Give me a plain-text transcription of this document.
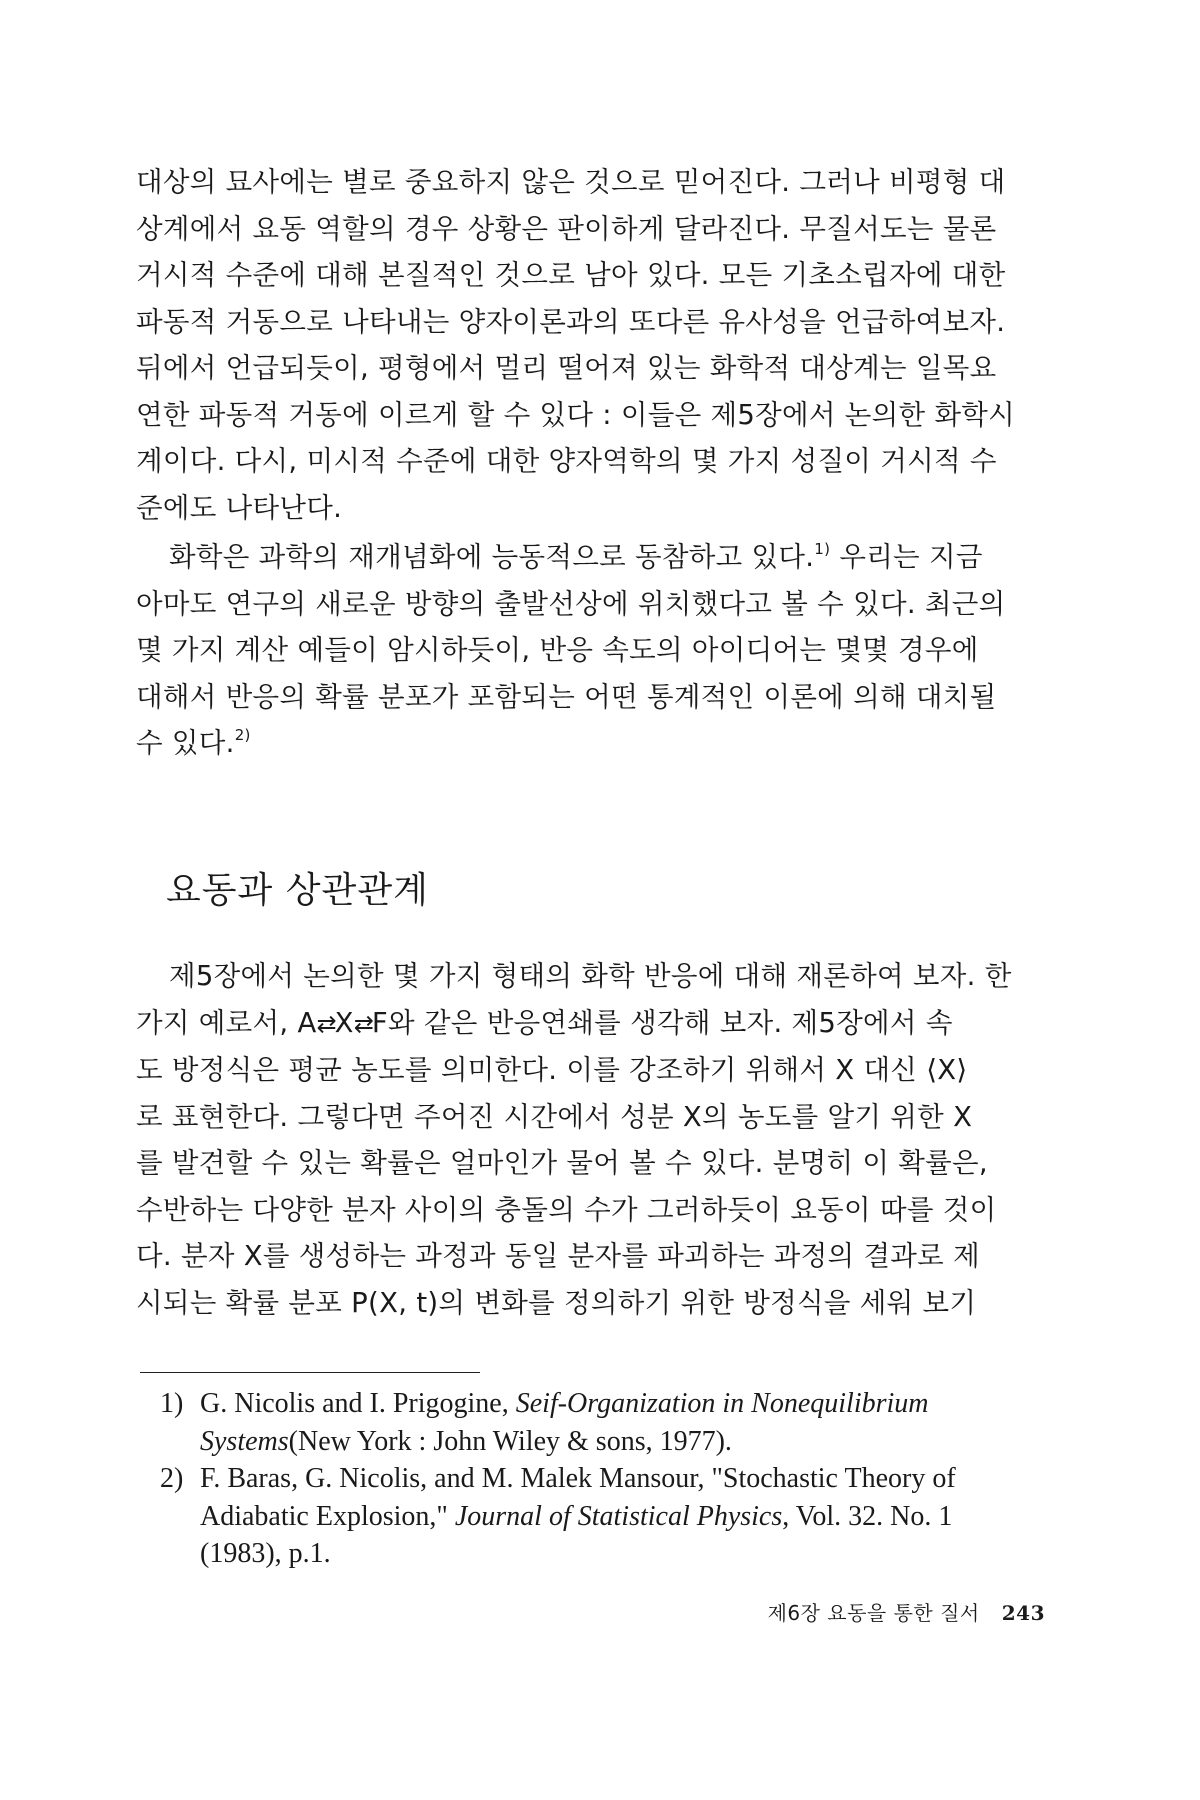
대상의 묘사에는 별로 중요하지 않은 것으로 믿어진다. 그러나 비평형 대
상계에서 요동 역할의 경우 상황은 판이하게 달라진다. 무질서도는 물론
거시적 수준에 대해 본질적인 것으로 남아 있다. 모든 기초소립자에 대한
파동적 거동으로 나타내는 양자이론과의 또다른 유사성을 언급하여보자.
뒤에서 언급되듯이, 평형에서 멀리 떨어져 있는 화학적 대상계는 일목요
연한 파동적 거동에 이르게 할 수 있다 : 이들은 제5장에서 논의한 화학시
계이다. 다시, 미시적 수준에 대한 양자역학의 몇 가지 성질이 거시적 수
준에도 나타난다.
화학은 과학의 재개념화에 능동적으로 동참하고 있다.$^{1)}$ 우리는 지금
아마도 연구의 새로운 방향의 출발선상에 위치했다고 볼 수 있다. 최근의
몇 가지 계산 예들이 암시하듯이, 반응 속도의 아이디어는 몇몇 경우에
대해서 반응의 확률 분포가 포함되는 어떤 통계적인 이론에 의해 대치될
수 있다.$^{2)}$
요동과 상관관계
제5장에서 논의한 몇 가지 형태의 화학 반응에 대해 재론하여 보자. 한
가지 예로서, A⇄X⇄F와 같은 반응연쇄를 생각해 보자. 제5장에서 속
도 방정식은 평균 농도를 의미한다. 이를 강조하기 위해서 X 대신 ⟨X⟩
로 표현한다. 그렇다면 주어진 시간에서 성분 X의 농도를 알기 위한 X
를 발견할 수 있는 확률은 얼마인가 물어 볼 수 있다. 분명히 이 확률은,
수반하는 다양한 분자 사이의 충돌의 수가 그러하듯이 요동이 따를 것이
다. 분자 X를 생성하는 과정과 동일 분자를 파괴하는 과정의 결과로 제
시되는 확률 분포 P(X, t)의 변화를 정의하기 위한 방정식을 세워 보기
1) G. Nicolis and I. Prigogine, Seif-Organization in Nonequilibrium
Systems(New York : John Wiley & sons, 1977).
2) F. Baras, G. Nicolis, and M. Malek Mansour, "Stochastic Theory of
Adiabatic Explosion," Journal of Statistical Physics, Vol. 32. No. 1
(1983), p.1.
제6장 요동을 통한 질서 243
